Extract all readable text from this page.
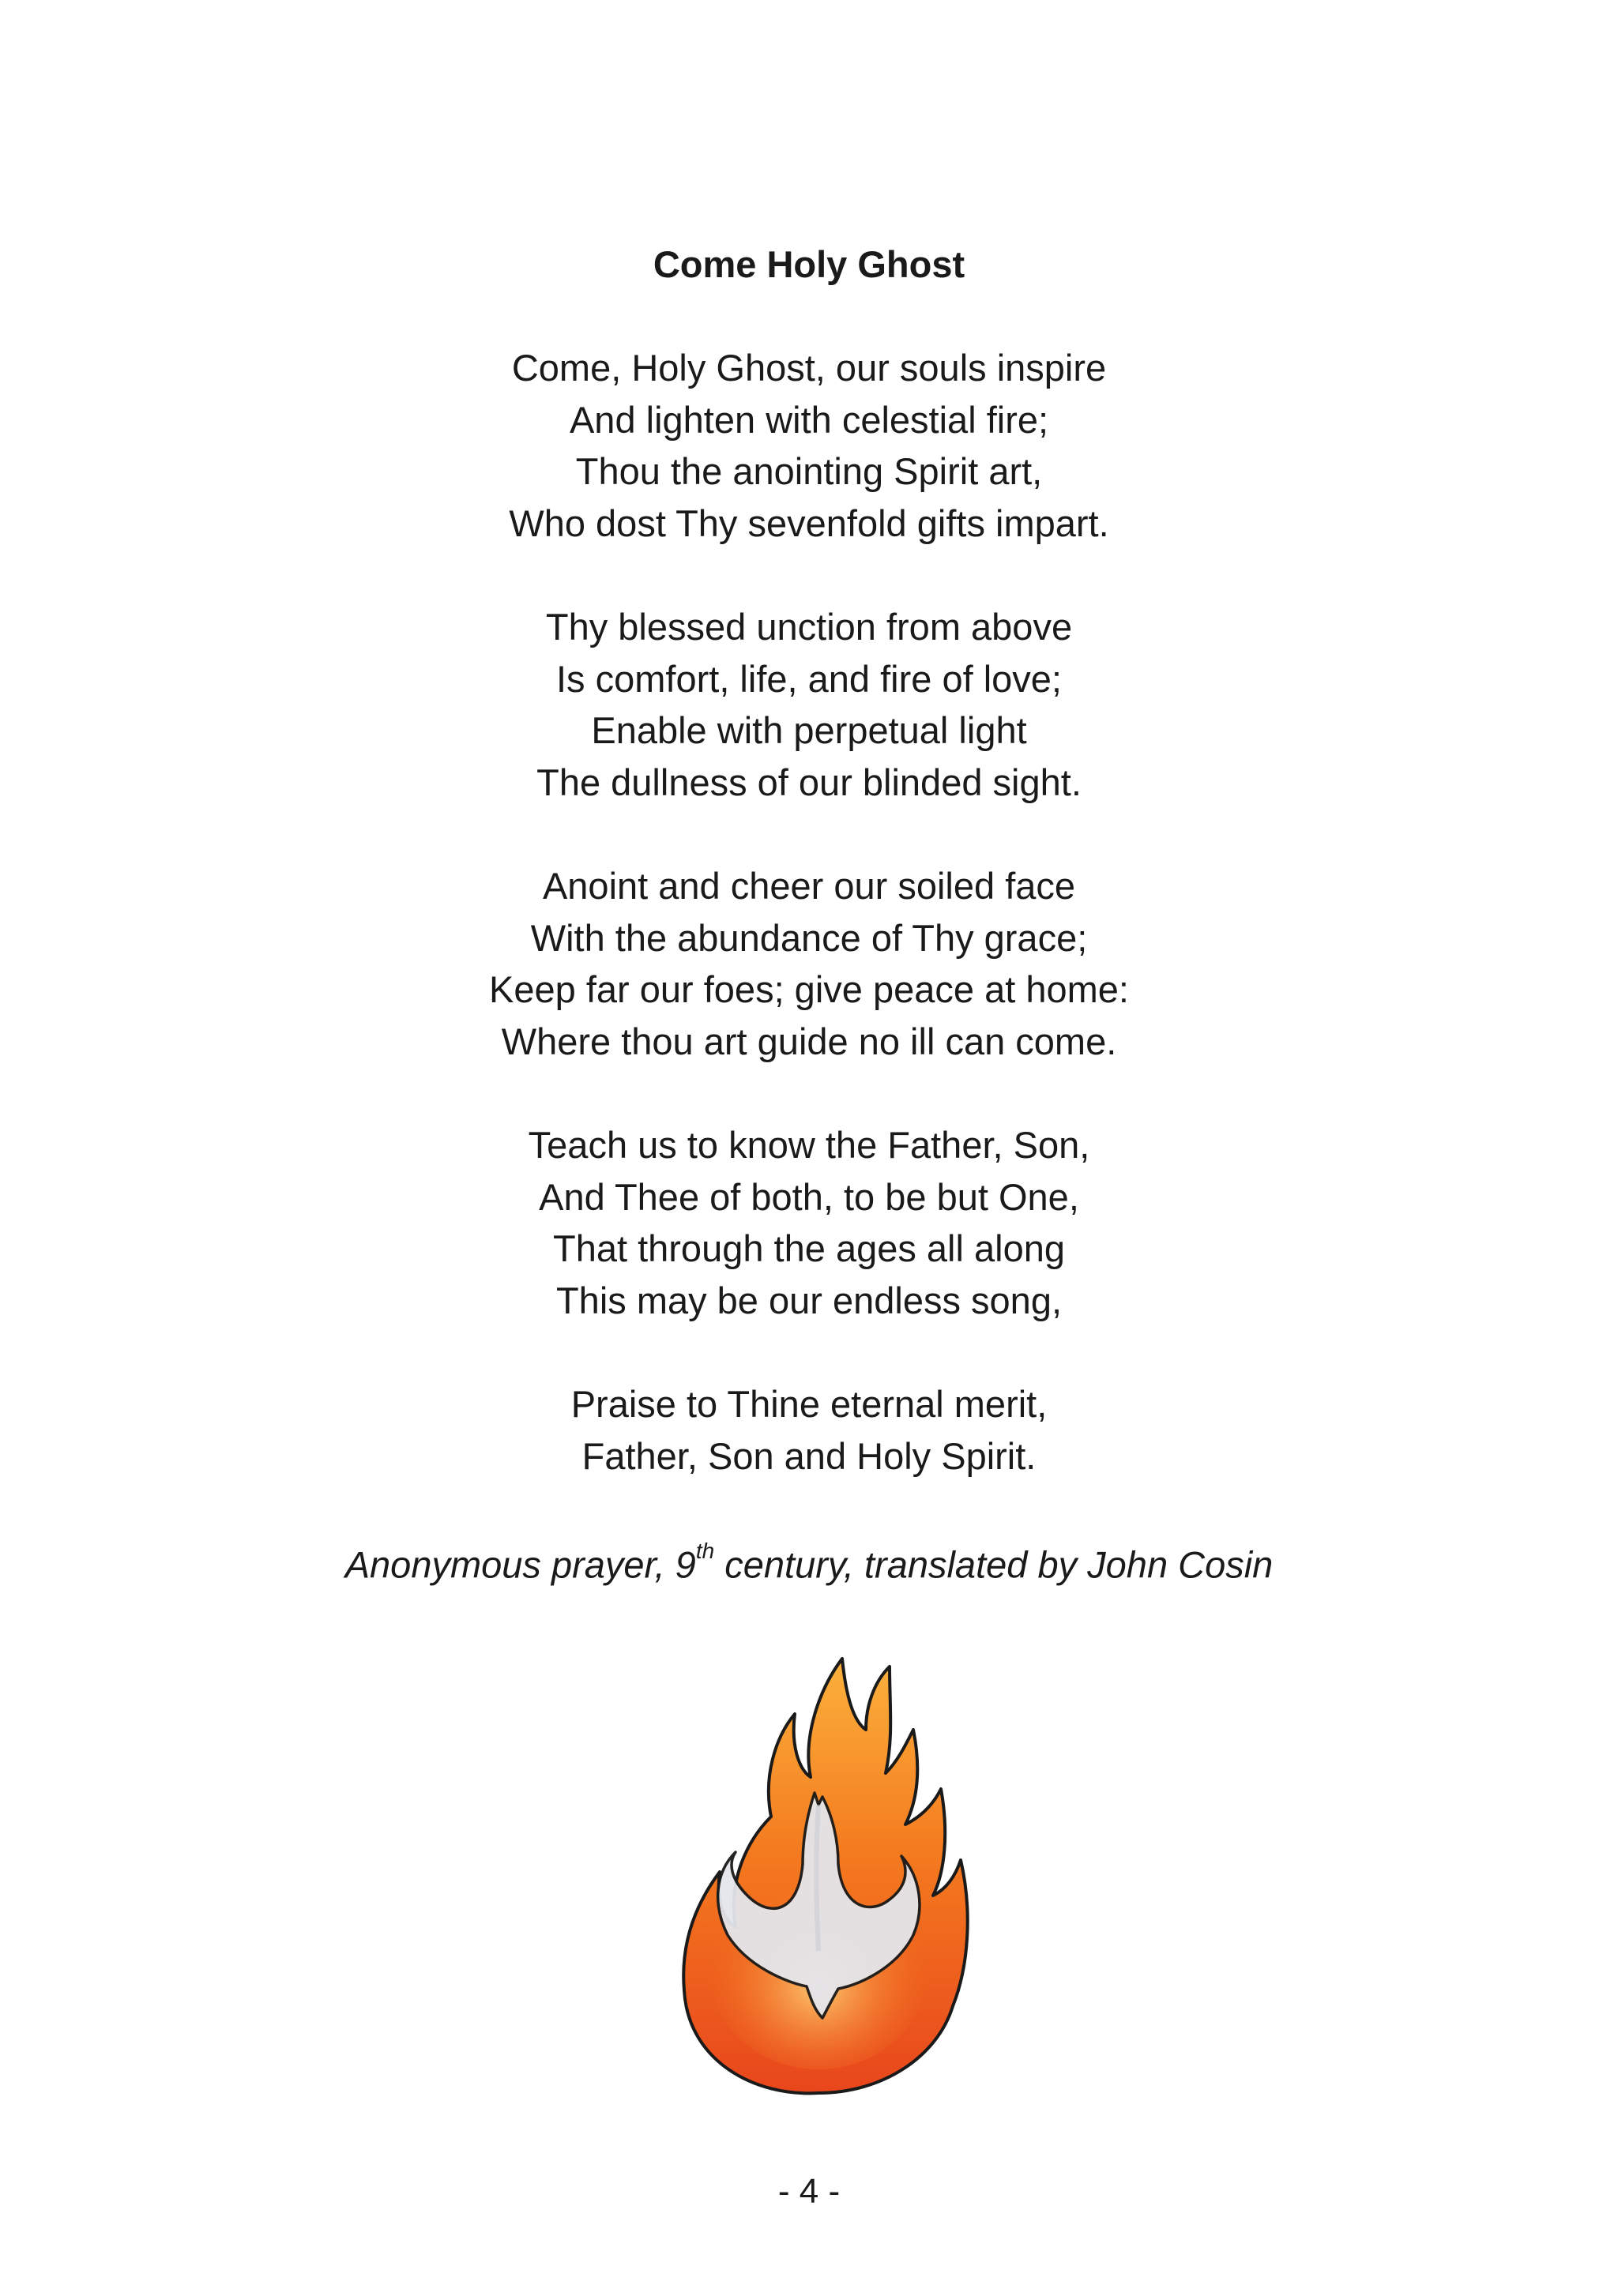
Come Holy Ghost
Come, Holy Ghost, our souls inspire
And lighten with celestial fire;
Thou the anointing Spirit art,
Who dost Thy sevenfold gifts impart.
Thy blessed unction from above
Is comfort, life, and fire of love;
Enable with perpetual light
The dullness of our blinded sight.
Anoint and cheer our soiled face
With the abundance of Thy grace;
Keep far our foes; give peace at home:
Where thou art guide no ill can come.
Teach us to know the Father, Son,
And Thee of both, to be but One,
That through the ages all along
This may be our endless song,
Praise to Thine eternal merit,
Father, Son and Holy Spirit.
Anonymous prayer, 9th century, translated by John Cosin
- 4 -
